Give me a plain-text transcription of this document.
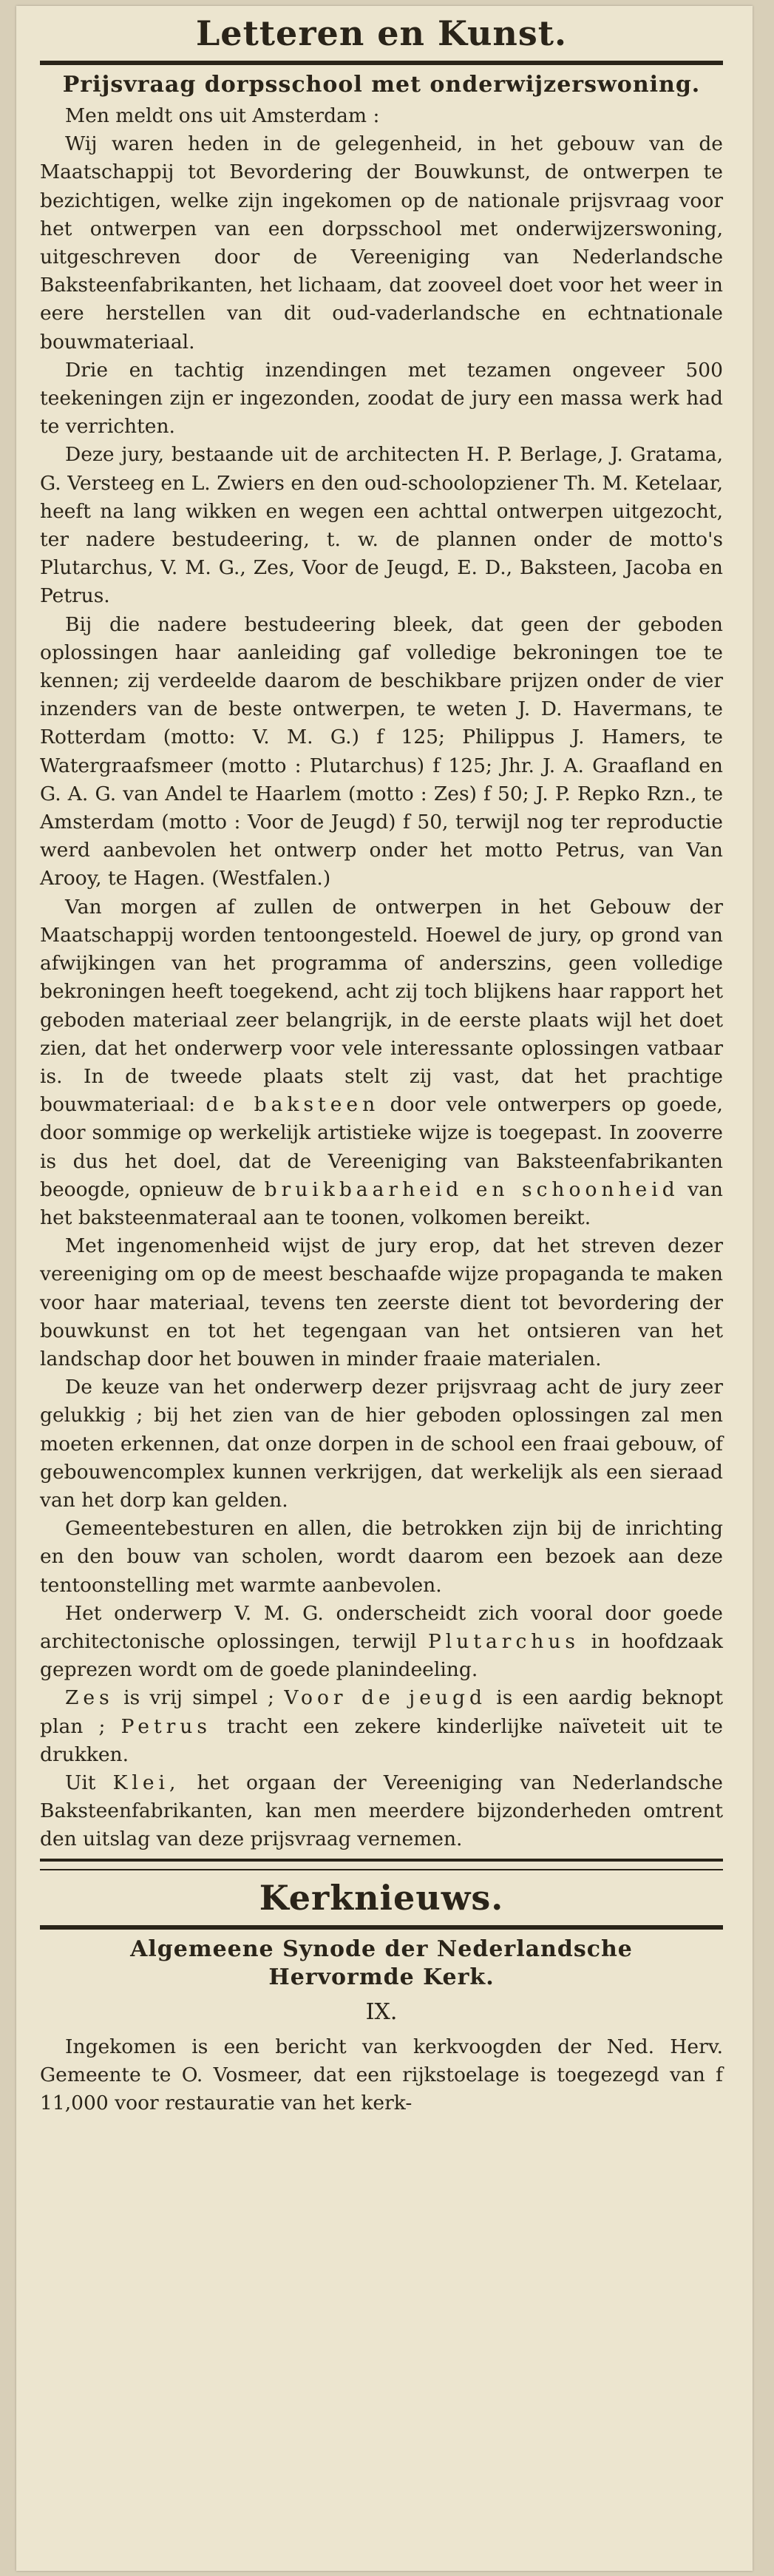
Letteren en Kunst.
Prijsvraag dorpsschool met onderwijzerswoning.

Men meldt ons uit Amsterdam :

Wij waren heden in de gelegenheid, in het gebouw van de Maatschappij tot Bevordering der Bouwkunst, de ontwerpen te bezichtigen, welke zijn ingekomen op de nationale prijsvraag voor het ontwerpen van een dorpsschool met onderwijzerswoning, uitgeschreven door de Vereeniging van Nederlandsche Baksteenfabrikanten, het lichaam, dat zooveel doet voor het weer in eere herstellen van dit oud-vaderlandsche en echtnationale bouwmateriaal.

Drie en tachtig inzendingen met tezamen ongeveer 500 teekeningen zijn er ingezonden, zoodat de jury een massa werk had te verrichten.

Deze jury, bestaande uit de architecten H. P. Berlage, J. Gratama, G. Versteeg en L. Zwiers en den oud-schoolopziener Th. M. Ketelaar, heeft na lang wikken en wegen een achttal ontwerpen uitgezocht, ter nadere bestudeering, t. w. de plannen onder de motto's Plutarchus, V. M. G., Zes, Voor de Jeugd, E. D., Baksteen, Jacoba en Petrus.

Bij die nadere bestudeering bleek, dat geen der geboden oplossingen haar aanleiding gaf volledige bekroningen toe te kennen; zij verdeelde daarom de beschikbare prijzen onder de vier inzenders van de beste ontwerpen, te weten J. D. Havermans, te Rotterdam (motto: V. M. G.) f 125; Philippus J. Hamers, te Watergraafsmeer (motto : Plutarchus) f 125; Jhr. J. A. Graafland en G. A. G. van Andel te Haarlem (motto : Zes) f 50; J. P. Repko Rzn., te Amsterdam (motto : Voor de Jeugd) f 50, terwijl nog ter reproductie werd aanbevolen het ontwerp onder het motto Petrus, van Van Arooy, te Hagen. (Westfalen.)

Van morgen af zullen de ontwerpen in het Gebouw der Maatschappij worden tentoongesteld. Hoewel de jury, op grond van afwijkingen van het programma of anderszins, geen volledige bekroningen heeft toegekend, acht zij toch blijkens haar rapport het geboden materiaal zeer belangrijk, in de eerste plaats wijl het doet zien, dat het onderwerp voor vele interessante oplossingen vatbaar is. In de tweede plaats stelt zij vast, dat het prachtige bouwmateriaal: de baksteen door vele ontwerpers op goede, door sommige op werkelijk artistieke wijze is toegepast. In zooverre is dus het doel, dat de Vereeniging van Baksteenfabrikanten beoogde, opnieuw de bruikbaarheid en schoonheid van het baksteenmateraal aan te toonen, volkomen bereikt.

Met ingenomenheid wijst de jury erop, dat het streven dezer vereeniging om op de meest beschaafde wijze propaganda te maken voor haar materiaal, tevens ten zeerste dient tot bevordering der bouwkunst en tot het tegengaan van het ontsieren van het landschap door het bouwen in minder fraaie materialen.

De keuze van het onderwerp dezer prijsvraag acht de jury zeer gelukkig ; bij het zien van de hier geboden oplossingen zal men moeten erkennen, dat onze dorpen in de school een fraai gebouw, of gebouwencomplex kunnen verkrijgen, dat werkelijk als een sieraad van het dorp kan gelden.

Gemeentebesturen en allen, die betrokken zijn bij de inrichting en den bouw van scholen, wordt daarom een bezoek aan deze tentoonstelling met warmte aanbevolen.

Het onderwerp V. M. G. onderscheidt zich vooral door goede architectonische oplossingen, terwijl Plutarchus in hoofdzaak geprezen wordt om de goede planindeeling.

Zes is vrij simpel ; Voor de jeugd is een aardig beknopt plan ; Petrus tracht een zekere kinderlijke naïveteit uit te drukken.

Uit Klei, het orgaan der Vereeniging van Nederlandsche Baksteenfabrikanten, kan men meerdere bijzonderheden omtrent den uitslag van deze prijsvraag vernemen.

Kerknieuws.
Algemeene Synode der Nederlandsche Hervormde Kerk.
IX.

Ingekomen is een bericht van kerkvoogden der Ned. Herv. Gemeente te O. Vosmeer, dat een rijkstoelage is toegezegd van f 11,000 voor restauratie van het kerk-
